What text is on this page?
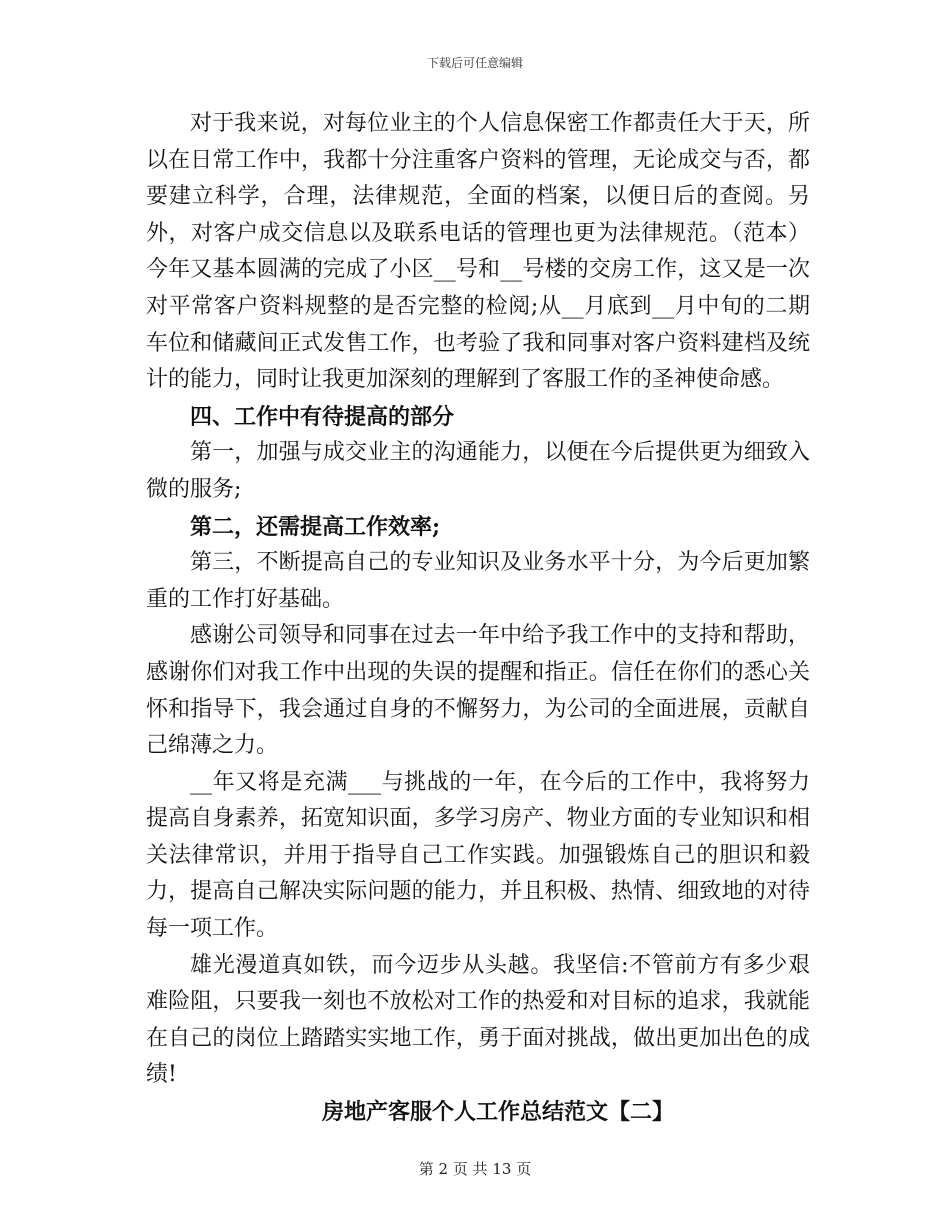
下载后可任意编辑

对于我来说，对每位业主的个人信息保密工作都责任大于天，所以在日常工作中，我都十分注重客户资料的管理，无论成交与否，都要建立科学，合理，法律规范，全面的档案，以便日后的查阅。另外，对客户成交信息以及联系电话的管理也更为法律规范。（范本）今年又基本圆满的完成了小区__号和__号楼的交房工作，这又是一次对平常客户资料规整的是否完整的检阅;从__月底到__月中旬的二期车位和储藏间正式发售工作，也考验了我和同事对客户资料建档及统计的能力，同时让我更加深刻的理解到了客服工作的圣神使命感。

四、工作中有待提高的部分

第一，加强与成交业主的沟通能力，以便在今后提供更为细致入微的服务;

第二，还需提高工作效率;

第三，不断提高自己的专业知识及业务水平十分，为今后更加繁重的工作打好基础。

感谢公司领导和同事在过去一年中给予我工作中的支持和帮助，感谢你们对我工作中出现的失误的提醒和指正。信任在你们的悉心关怀和指导下，我会通过自身的不懈努力，为公司的全面进展，贡献自己绵薄之力。

__年又将是充满___与挑战的一年，在今后的工作中，我将努力提高自身素养，拓宽知识面，多学习房产、物业方面的专业知识和相关法律常识，并用于指导自己工作实践。加强锻炼自己的胆识和毅力，提高自己解决实际问题的能力，并且积极、热情、细致地的对待每一项工作。

雄光漫道真如铁，而今迈步从头越。我坚信:不管前方有多少艰难险阻，只要我一刻也不放松对工作的热爱和对目标的追求，我就能在自己的岗位上踏踏实实地工作，勇于面对挑战，做出更加出色的成绩!

房地产客服个人工作总结范文【二】

第 2 页 共 13 页
